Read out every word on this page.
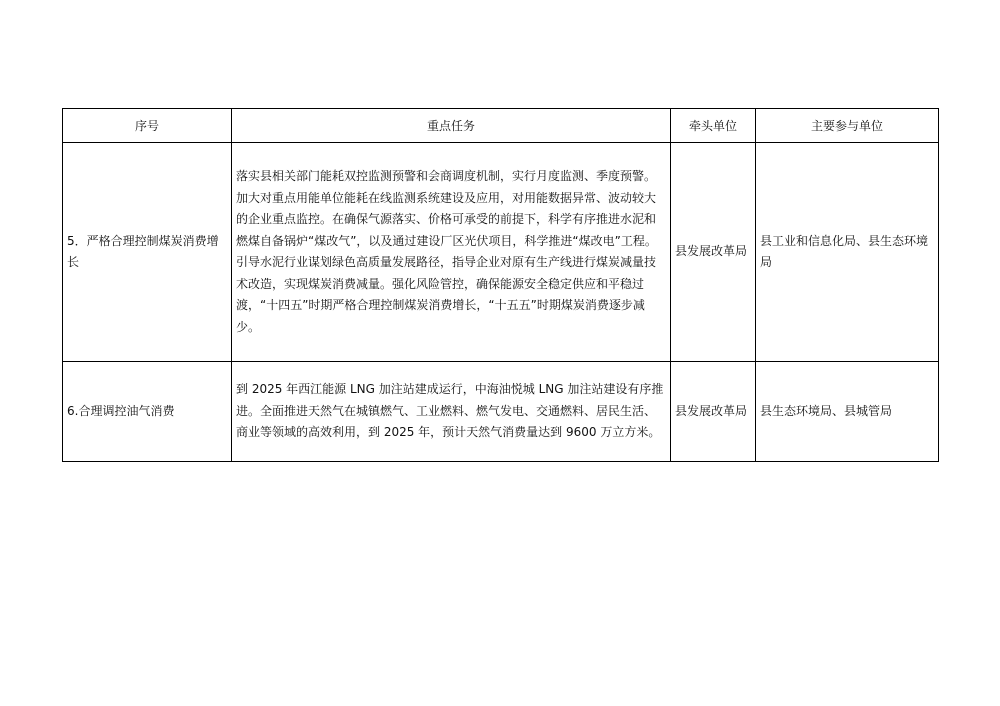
序号	重点任务	牵头单位	主要参与单位
5．严格合理控制煤炭消费增长	落实县相关部门能耗双控监测预警和会商调度机制，实行月度监测、季度预警。加大对重点用能单位能耗在线监测系统建设及应用，对用能数据异常、波动较大的企业重点监控。在确保气源落实、价格可承受的前提下，科学有序推进水泥和燃煤自备锅炉“煤改气”，以及通过建设厂区光伏项目，科学推进“煤改电”工程。引导水泥行业谋划绿色高质量发展路径，指导企业对原有生产线进行煤炭减量技术改造，实现煤炭消费减量。强化风险管控，确保能源安全稳定供应和平稳过渡，“十四五”时期严格合理控制煤炭消费增长，“十五五”时期煤炭消费逐步减少。	县发展改革局	县工业和信息化局、县生态环境局
6.合理调控油气消费	到 2025 年西江能源 LNG 加注站建成运行，中海油悦城 LNG 加注站建设有序推进。全面推进天然气在城镇燃气、工业燃料、燃气发电、交通燃料、居民生活、商业等领域的高效利用，到 2025 年，预计天然气消费量达到 9600 万立方米。	县发展改革局	县生态环境局、县城管局
